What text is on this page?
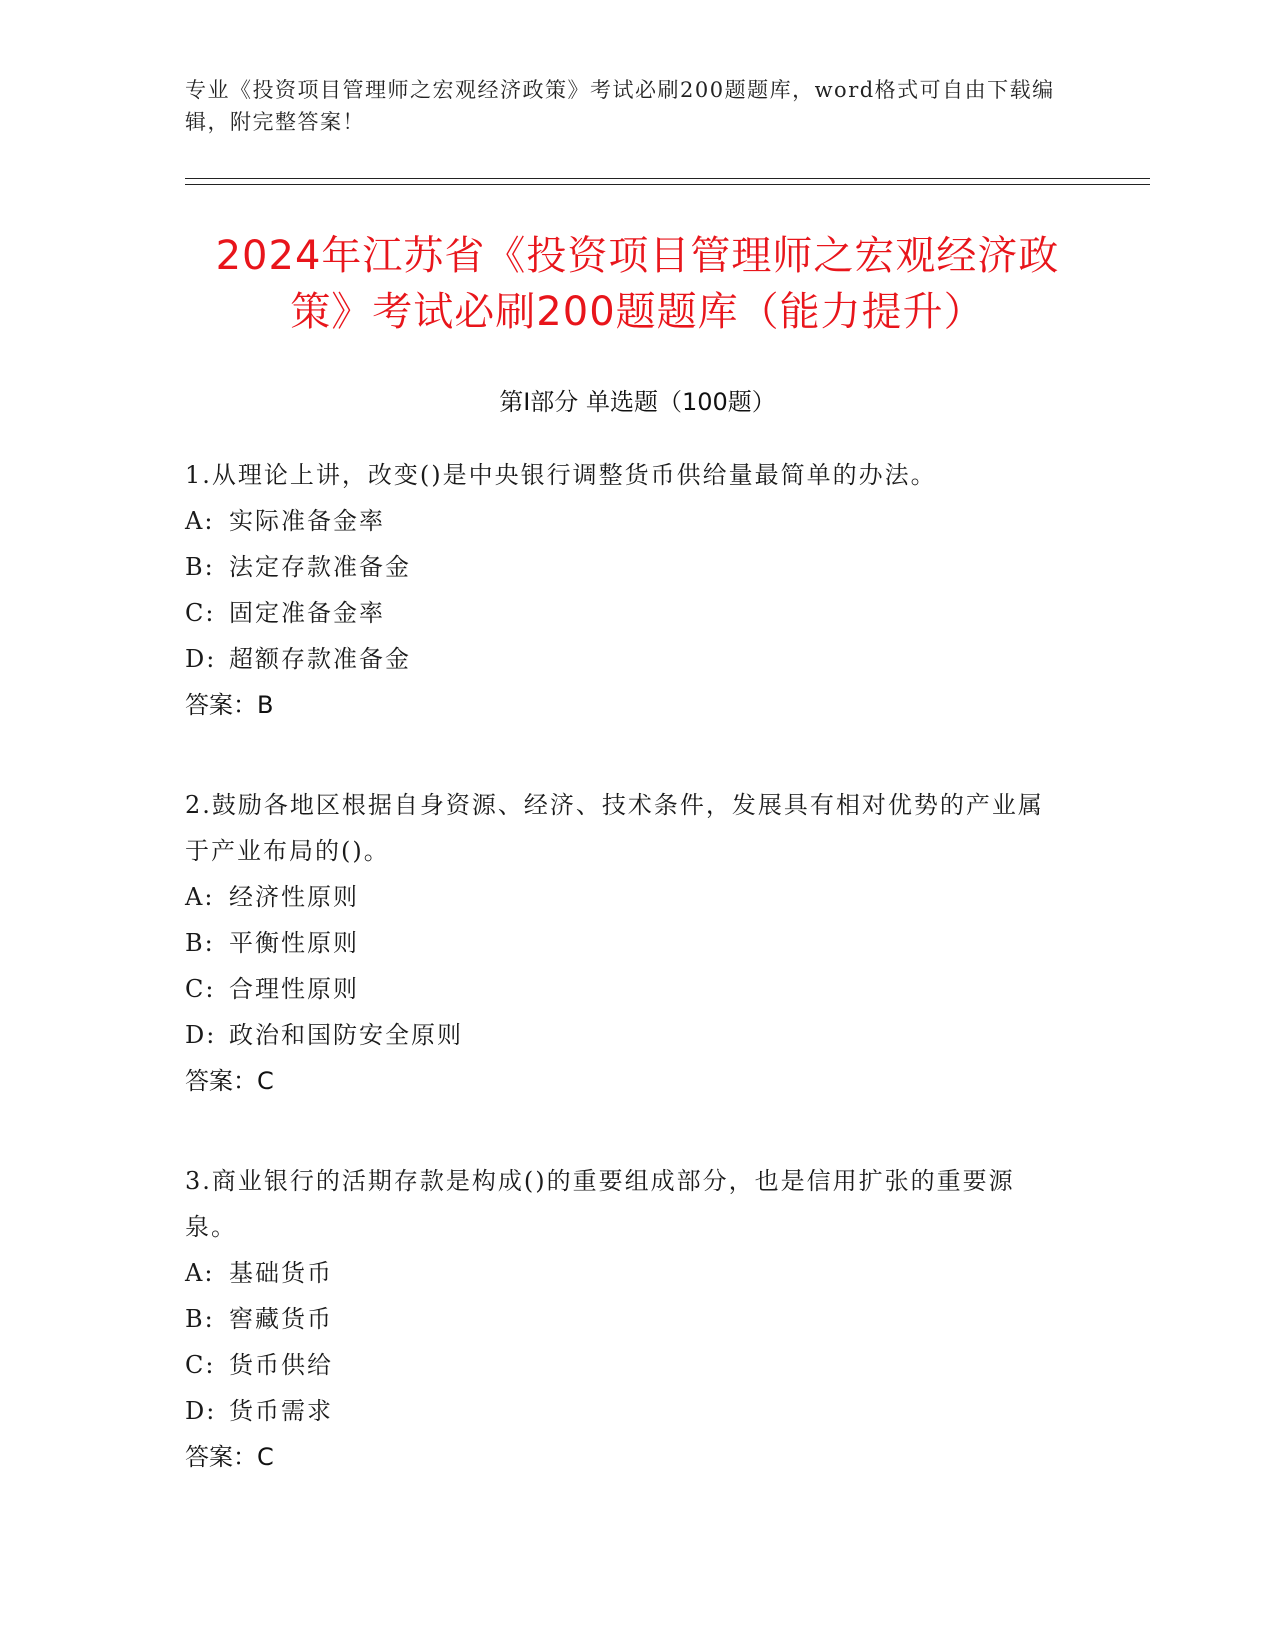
专业《投资项目管理师之宏观经济政策》考试必刷200题题库，word格式可自由下载编辑，附完整答案！
2024年江苏省《投资项目管理师之宏观经济政策》考试必刷200题题库（能力提升）
第I部分 单选题（100题）

1.从理论上讲，改变()是中央银行调整货币供给量最简单的办法。

A: 实际准备金率

B: 法定存款准备金

C: 固定准备金率

D: 超额存款准备金

答案：B

2.鼓励各地区根据自身资源、经济、技术条件，发展具有相对优势的产业属于产业布局的()。

A: 经济性原则

B: 平衡性原则

C: 合理性原则

D: 政治和国防安全原则

答案：C

3.商业银行的活期存款是构成()的重要组成部分，也是信用扩张的重要源泉。

A: 基础货币

B: 窖藏货币

C: 货币供给

D: 货币需求

答案：C
